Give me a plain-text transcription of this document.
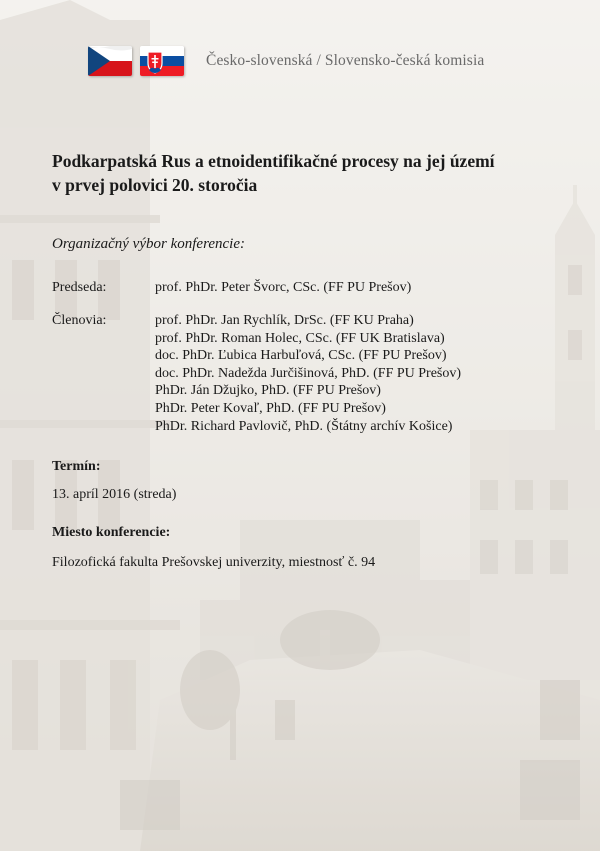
Česko-slovenská / Slovensko-česká komisia
Podkarpatská Rus a etnoidentifikačné procesy na jej území
v prvej polovici 20. storočia
Organizačný výbor konferencie:
Predseda:	prof. PhDr. Peter Švorc, CSc. (FF PU Prešov)
Členovia:	prof. PhDr. Jan Rychlík, DrSc. (FF KU Praha)
prof. PhDr. Roman Holec, CSc. (FF UK Bratislava)
doc. PhDr. Ľubica Harbuľová, CSc. (FF PU Prešov)
doc. PhDr. Nadežda Jurčišinová, PhD. (FF PU Prešov)
PhDr. Ján Džujko, PhD. (FF PU Prešov)
PhDr. Peter Kovaľ, PhD. (FF PU Prešov)
PhDr. Richard Pavlovič, PhD. (Štátny archív Košice)
Termín:
13. apríl 2016 (streda)
Miesto konferencie:
Filozofická fakulta Prešovskej univerzity, miestnosť č. 94
